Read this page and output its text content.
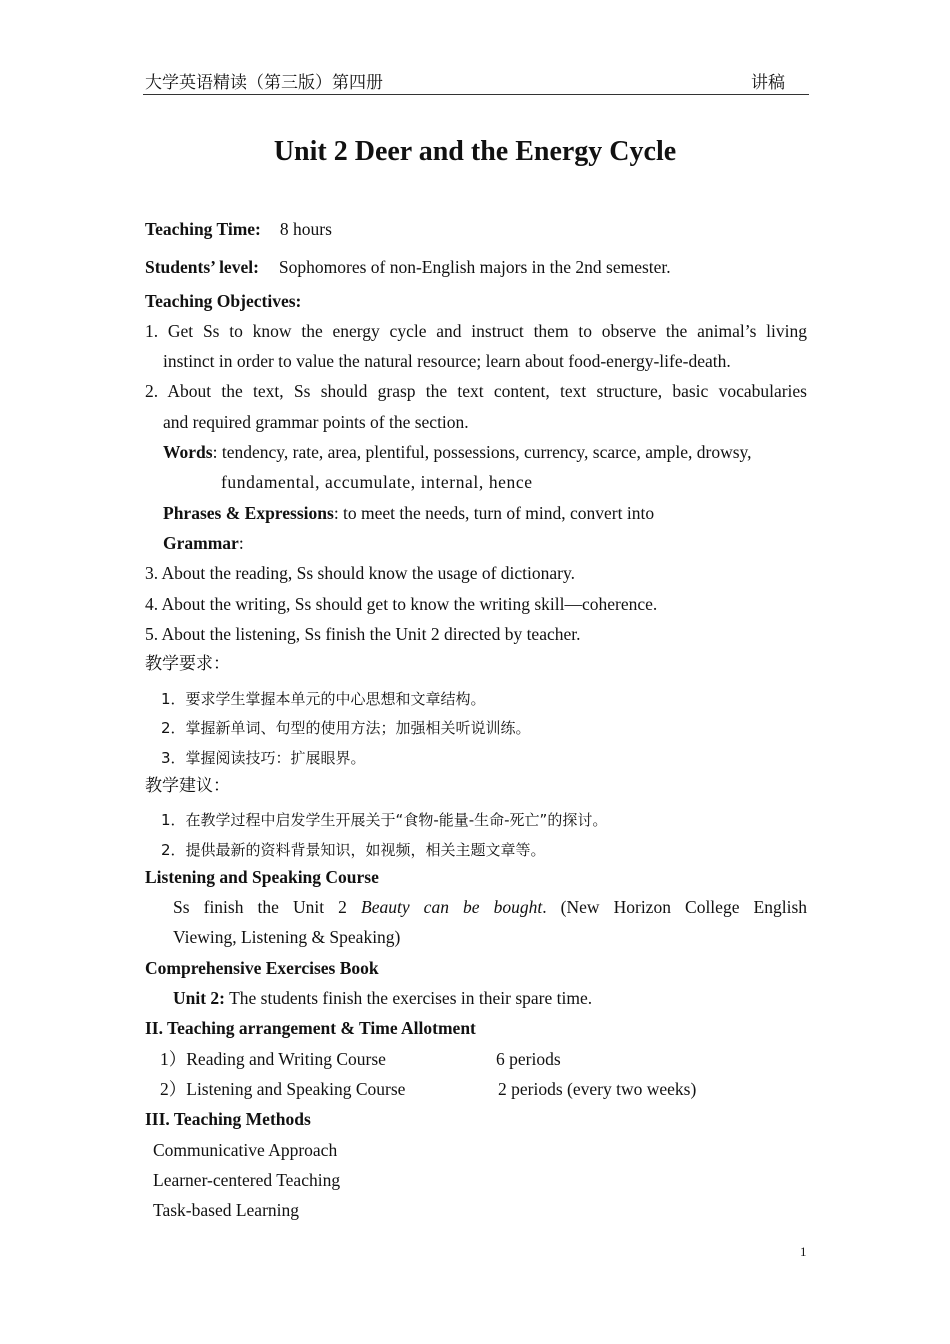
大学英语精读（第三版）第四册	讲稿
Unit 2 Deer and the Energy Cycle
Teaching Time: 8 hours
Students’ level: Sophomores of non-English majors in the 2nd semester.
Teaching Objectives:
1. Get Ss to know the energy cycle and instruct them to observe the animal’s living
instinct in order to value the natural resource; learn about food-energy-life-death.
2. About the text, Ss should grasp the text content, text structure, basic vocabularies
and required grammar points of the section.
Words: tendency, rate, area, plentiful, possessions, currency, scarce, ample, drowsy,
fundamental, accumulate, internal, hence
Phrases & Expressions: to meet the needs, turn of mind, convert into
Grammar:
3. About the reading, Ss should know the usage of dictionary.
4. About the writing, Ss should get to know the writing skill—coherence.
5. About the listening, Ss finish the Unit 2 directed by teacher.
教学要求：
1．要求学生掌握本单元的中心思想和文章结构。
2．掌握新单词、句型的使用方法；加强相关听说训练。
3．掌握阅读技巧：扩展眼界。
教学建议：
1．在教学过程中启发学生开展关于“食物-能量-生命-死亡”的探讨。
2．提供最新的资料背景知识，如视频，相关主题文章等。
Listening and Speaking Course
Ss finish the Unit 2 Beauty can be bought. (New Horizon College English
Viewing, Listening & Speaking)
Comprehensive Exercises Book
Unit 2: The students finish the exercises in their spare time.
II. Teaching arrangement & Time Allotment
1）Reading and Writing Course	6 periods
2）Listening and Speaking Course	2 periods (every two weeks)
III. Teaching Methods
Communicative Approach
Learner-centered Teaching
Task-based Learning
1
